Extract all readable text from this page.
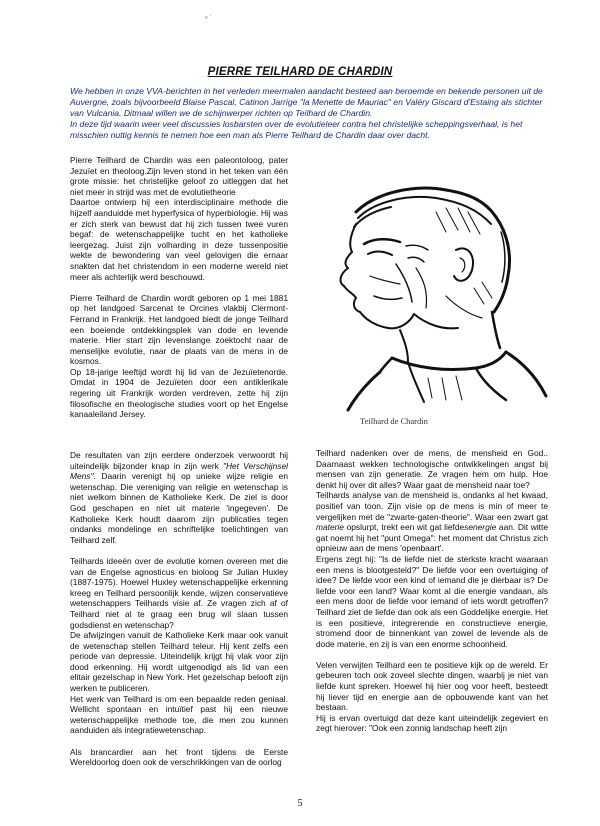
ᵛ ˙
PIERRE TEILHARD DE CHARDIN

We hebben in onze VVA-berichten in het verleden meermalen aandacht besteed aan beroemde en bekende personen uit de Auvergne, zoals bijvoorbeeld Blaise Pascal, Catinon Jarrige "la Menette de Mauriac" en Valéry Giscard d'Estaing als stichter van Vulcania. Ditmaal willen we de schijnwerper richten op Teilhard de Chardin.

In deze tijd waarin weer veel discussies losbarsten over de evolutieleer contra het christelijke scheppingsverhaal, is het misschien nuttig kennis te nemen hoe een man als Pierre Teilhard de Chardin daar over dacht.

Pierre Teilhard de Chardin was een paleontoloog, pater Jezuïet en theoloog.Zijn leven stond in het teken van één grote missie: het christelijke geloof zo uitleggen dat het niet meer in strijd was met de evolutietheorie

Daartoe ontwierp hij een interdisciplinaire methode die hijzelf aanduidde met hyperfysica of hyperbiologie. Hij was er zich sterk van bewust dat hij zich tussen twee vuren begaf: de wetenschappelijke tucht en het katholieke leergezag. Juist zijn volharding in deze tussenpositie wekte de bewondering van veel gelovigen die ernaar snakten dat het christendom in een moderne wereld niet meer als achterlijk werd beschouwd.

Pierre Teilhard de Chardin wordt geboren op 1 mei 1881 op het landgoed Sarcenat te Orcines vlakbij Clermont-Ferrand in Frankrijk. Het landgoed biedt de jonge Teilhard een boeiende ontdekkingsplek van dode en levende materie. Hier start zijn levenslange zoektocht naar de menselijke evolutie, naar de plaats van de mens in de kosmos.

Op 18-jarige leeftijd wordt hij lid van de Jezuïetenorde. Omdat in 1904 de Jezuïeten door een antiklerikale regering uit Frankrijk worden verdreven, zette hij zijn filosofische en theologische studies voort op het Engelse kanaaleiland Jersey.

Teilhard de Chardin

De resultaten van zijn eerdere onderzoek verwoordt hij uiteindelijk bijzonder knap in zijn werk "Het Verschijnsel Mens". Daarin verenigt hij op unieke wijze religie en wetenschap. Die vereniging van religie en wetenschap is niet welkom binnen de Katholieke Kerk. De ziel is door God geschapen en niet uit materie 'ingegeven'. De Katholieke Kerk houdt daarom zijn publicaties tegen ondanks mondelinge en schriftelijke toelichtingen van Teilhard zelf.

Teilhards ideeën over de evolutie komen overeen met die van de Engelse agnosticus en bioloog Sir Julian Huxley (1887-1975). Hoewel Huxley wetenschappelijke erkenning kreeg en Teilhard persoonlijk kende, wijzen conservatieve wetenschappers Teilhards visie af. Ze vragen zich af of Teilhard niet al te graag een brug wil slaan tussen godsdienst en wetenschap?

De afwijzingen vanuit de Katholieke Kerk maar ook vanuit de wetenschap stellen Teilhard teleur. Hij kent zelfs een periode van depressie. Uiteindelijk krijgt hij vlak voor zijn dood erkenning. Hij wordt uitgenodigd als lid van een elitair gezelschap in New York. Het gezelschap belooft zijn werken te publiceren.

Het werk van Teilhard is om een bepaalde reden geniaal. Wellicht spontaan en intuïtief past hij een nieuwe wetenschappelijke methode toe, die men zou kunnen aanduiden als integratiewetenschap.

Als brancardier aan het front tijdens de Eerste Wereldoorlog doen ook de verschrikkingen van de oorlog

Teilhard nadenken over de mens, de mensheid en God.. Daarnaast wekken technologische ontwikkelingen angst bij mensen van zijn generatie. Ze vragen hem om hulp. Hoe denkt hij over dit alles? Waar gaat de mensheid naar toe?

Teilhards analyse van de mensheid is, ondanks al het kwaad, positief van toon. Zijn visie op de mens is min of meer te vergelijken met de "zwarte-gaten-theorie". Waar een zwart gat materie opslurpt, trekt een wit gat liefdesenergie aan. Dit witte gat noemt hij het "punt Omega": het moment dat Christus zich opnieuw aan de mens 'openbaart'.

Ergens zegt hij: "Is de liefde niet de sterkste kracht waaraan een mens is blootgesteld?" De liefde voor een overtuiging of idee? De liefde voor een kind of iemand die je dierbaar is? De liefde voor een land? Waar komt al die energie vandaan, als een mens door de liefde voor iemand of iets wordt getroffen? Teilhard ziet de liefde dan ook als een Goddelijke energie. Het is een positieve, integrerende en constructieve energie, stromend door de binnenkant van zowel de levende als de dode materie, en zij is van een enorme schoonheid.

Velen verwijten Teilhard een te positieve kijk op de wereld. Er gebeuren toch ook zoveel slechte dingen, waarbij je niet van liefde kunt spreken. Hoewel hij hier oog voor heeft, besteedt hij liever tijd en energie aan de opbouwende kant van het bestaan.

Hij is ervan overtuigd dat deze kant uiteindelijk zegeviert en zegt hierover: "Ook een zonnig landschap heeft zijn

5
